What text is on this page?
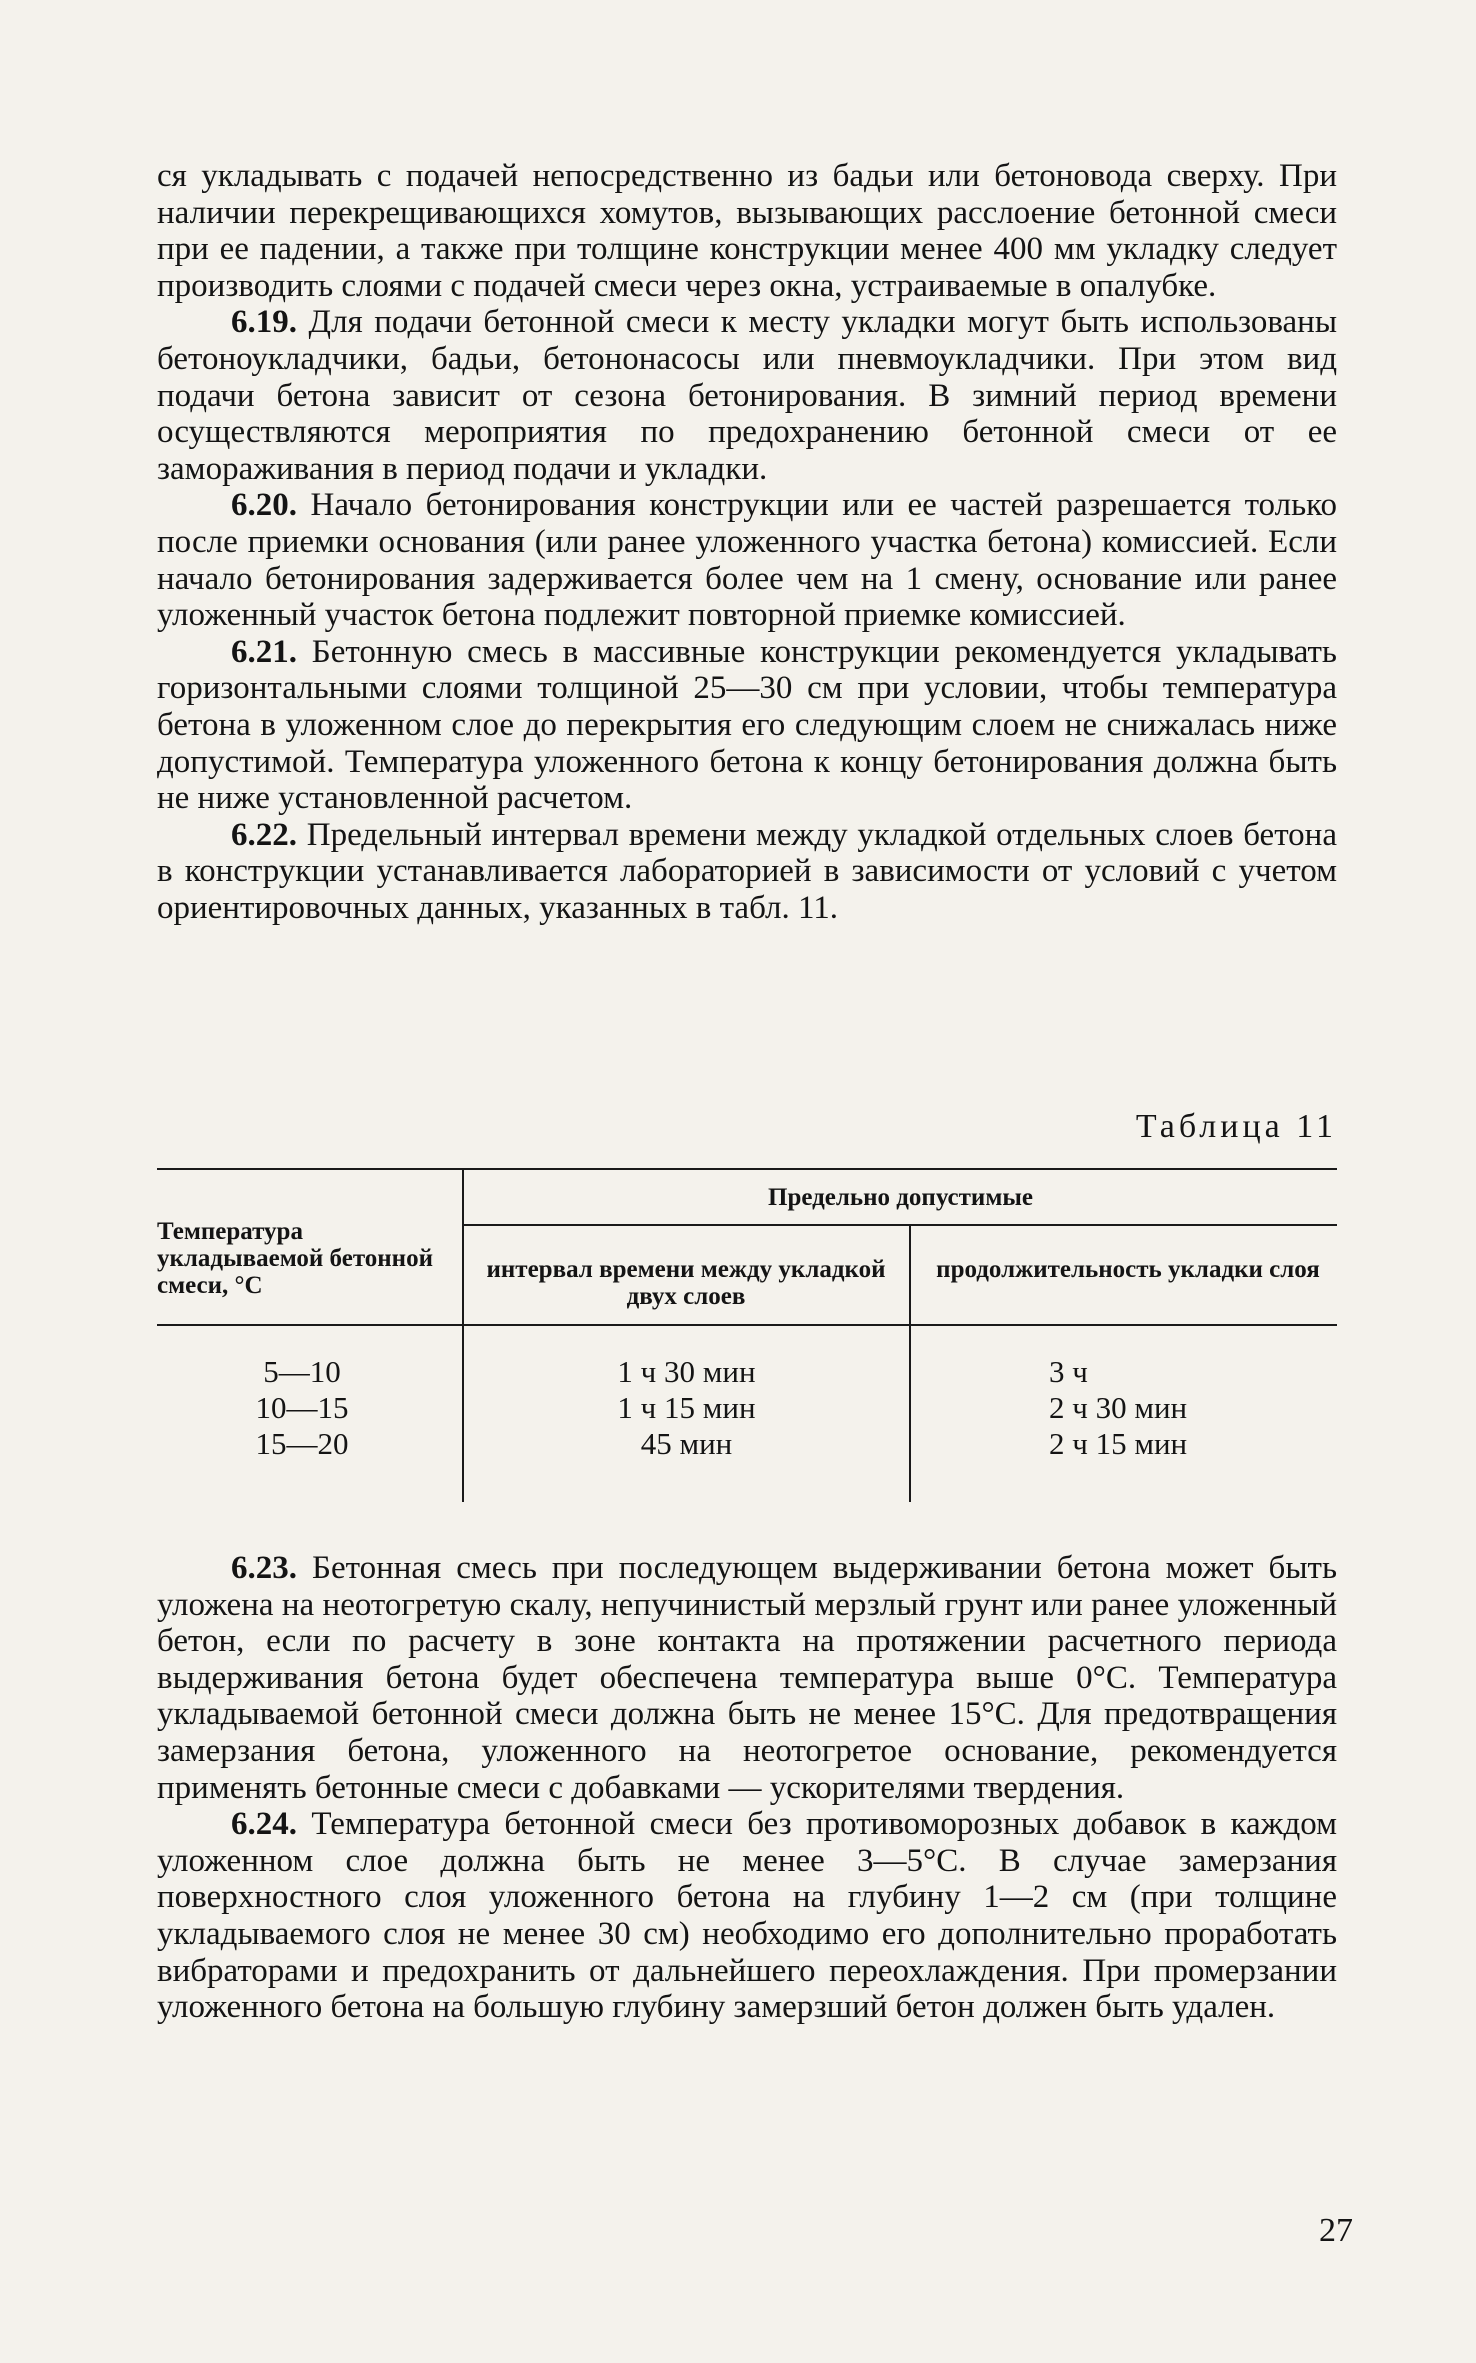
ся укладывать с подачей непосредственно из бадьи или бетоновода сверху. При наличии перекрещивающихся хомутов, вызывающих расслоение бетонной смеси при ее падении, а также при толщине конструкции менее 400 мм укладку следует производить слоями с подачей смеси через окна, устраиваемые в опалубке.

6.19. Для подачи бетонной смеси к месту укладки могут быть использованы бетоноукладчики, бадьи, бетононасосы или пневмоукладчики. При этом вид подачи бетона зависит от сезона бетонирования. В зимний период времени осуществляются мероприятия по предохранению бетонной смеси от ее замораживания в период подачи и укладки.

6.20. Начало бетонирования конструкции или ее частей разрешается только после приемки основания (или ранее уложенного участка бетона) комиссией. Если начало бетонирования задерживается более чем на 1 смену, основание или ранее уложенный участок бетона подлежит повторной приемке комиссией.

6.21. Бетонную смесь в массивные конструкции рекомендуется укладывать горизонтальными слоями толщиной 25—30 см при условии, чтобы температура бетона в уложенном слое до перекрытия его следующим слоем не снижалась ниже допустимой. Температура уложенного бетона к концу бетонирования должна быть не ниже установленной расчетом.

6.22. Предельный интервал времени между укладкой отдельных слоев бетона в конструкции устанавливается лабораторией в зависимости от условий с учетом ориентировочных данных, указанных в табл. 11.

Таблица 11
Температура укладываемой бетонной смеси, °С
Предельно допустимые
интервал времени между укладкой двух слоев
продолжительность укладки слоя
5—10	1 ч 30 мин	3 ч
10—15	1 ч 15 мин	2 ч 30 мин
15—20	45 мин	2 ч 15 мин

6.23. Бетонная смесь при последующем выдерживании бетона может быть уложена на неотогретую скалу, непучинистый мерзлый грунт или ранее уложенный бетон, если по расчету в зоне контакта на протяжении расчетного периода выдерживания бетона будет обеспечена температура выше 0°С. Температура укладываемой бетонной смеси должна быть не менее 15°С. Для предотвращения замерзания бетона, уложенного на неотогретое основание, рекомендуется применять бетонные смеси с добавками — ускорителями твердения.

6.24. Температура бетонной смеси без противоморозных добавок в каждом уложенном слое должна быть не менее 3—5°С. В случае замерзания поверхностного слоя уложенного бетона на глубину 1—2 см (при толщине укладываемого слоя не менее 30 см) необходимо его дополнительно проработать вибраторами и предохранить от дальнейшего переохлаждения. При промерзании уложенного бетона на большую глубину замерзший бетон должен быть удален.

27
